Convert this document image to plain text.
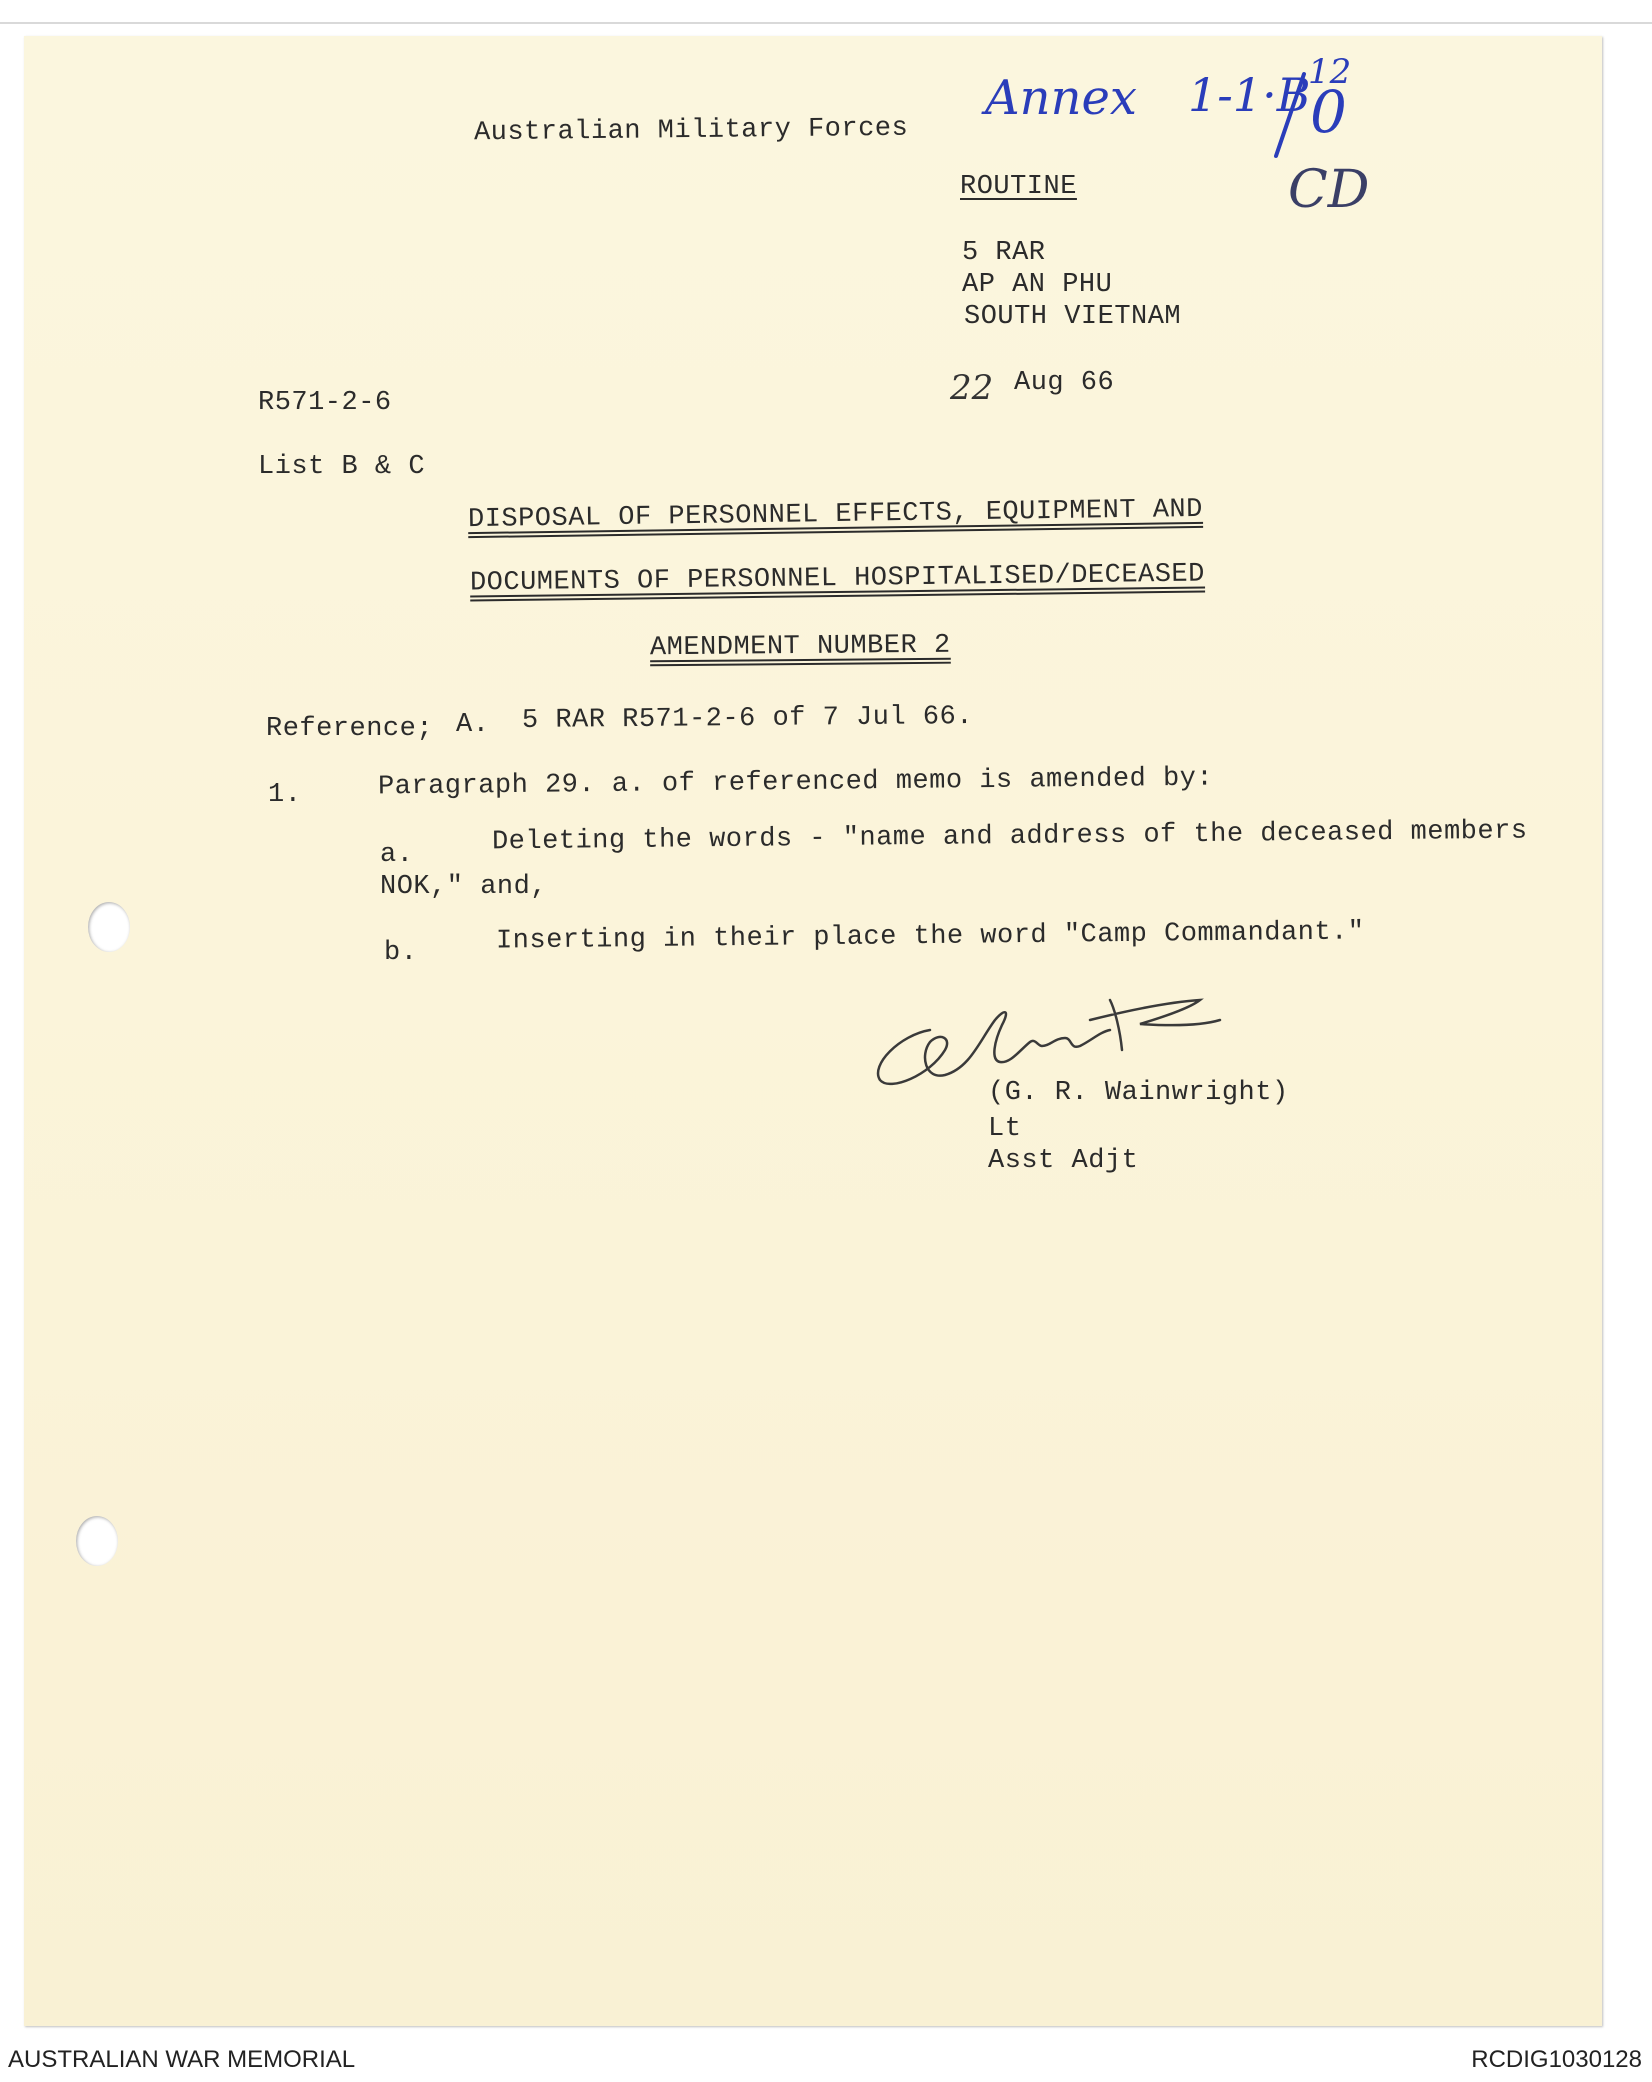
Australian Military Forces
Annex 1-1·B
12
0
CD
ROUTINE
5 RAR
AP AN PHU
SOUTH VIETNAM
22 Aug 66
R571-2-6
List B & C
DISPOSAL OF PERSONNEL EFFECTS, EQUIPMENT AND
DOCUMENTS OF PERSONNEL HOSPITALISED/DECEASED
AMENDMENT NUMBER 2
Reference; A. 5 RAR R571-2-6 of 7 Jul 66.
1.	Paragraph 29. a. of referenced memo is amended by:
a.	Deleting the words - "name and address of the deceased members
NOK," and,
b.	Inserting in their place the word "Camp Commandant."
(G. R. Wainwright)
Lt
Asst Adjt
AUSTRALIAN WAR MEMORIAL	RCDIG1030128
